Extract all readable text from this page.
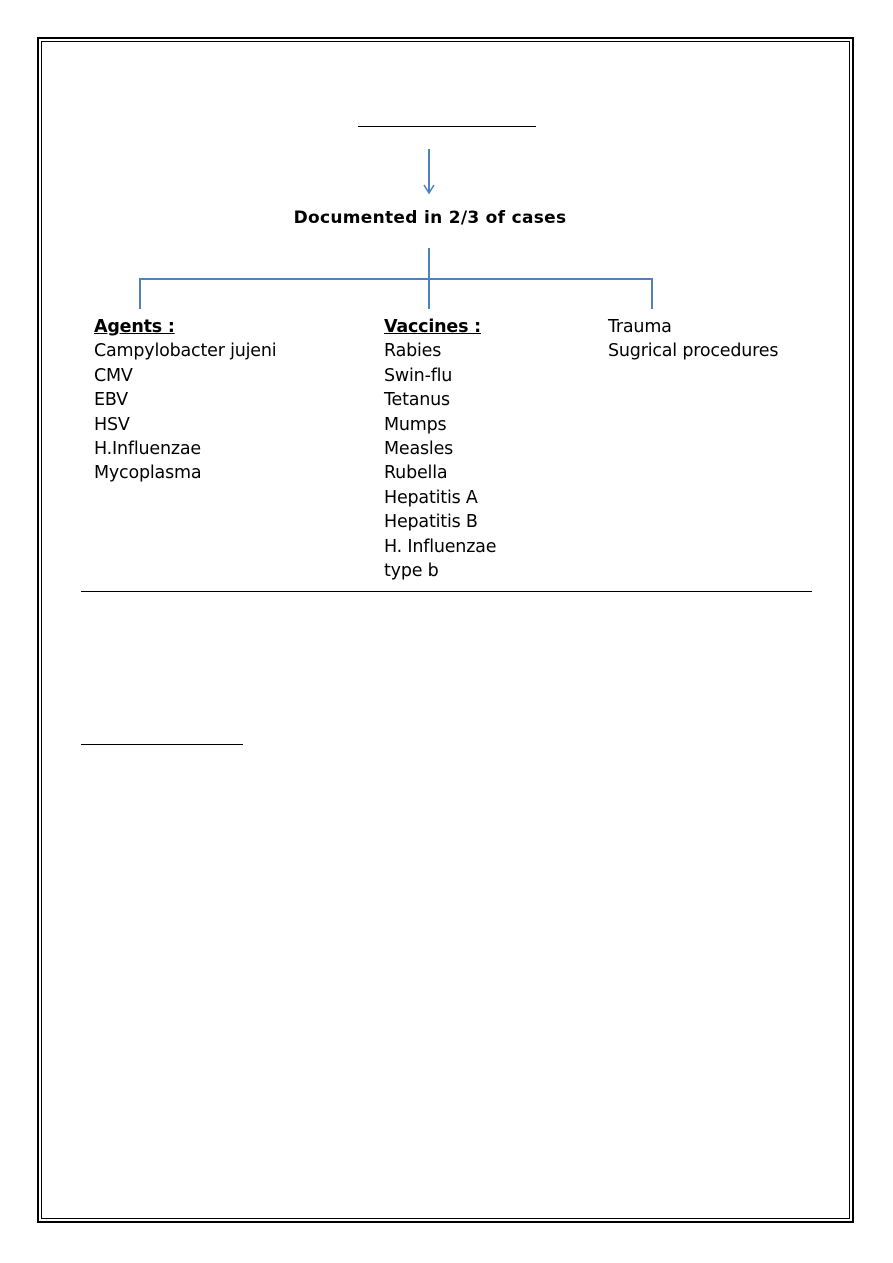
Documented in 2/3 of cases
Agents :
Campylobacter jujeni
CMV
EBV
HSV
H.Influenzae
Mycoplasma
Vaccines :
Rabies
Swin-flu
Tetanus
Mumps
Measles
Rubella
Hepatitis A
Hepatitis B
H. Influenzae
type b
Trauma
Sugrical procedures
